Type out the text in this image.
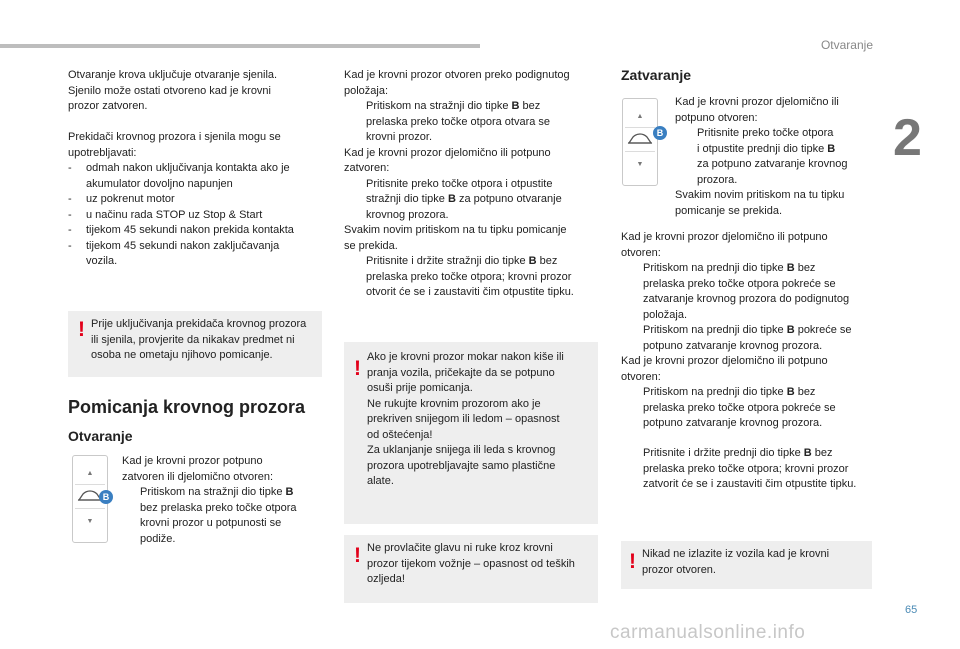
Otvaranje
2
65
carmanualsonline.info

Otvaranje krova uključuje otvaranje sjenila.

Sjenilo može ostati otvoreno kad je krovni

prozor zatvoren.

Prekidači krovnog prozora i sjenila mogu se

upotrebljavati:

- odmah nakon uključivanja kontakta ako je
akumulator dovoljno napunjen
- uz pokrenut motor
- u načinu rada STOP uz Stop & Start
- tijekom 45 sekundi nakon prekida kontakta
- tijekom 45 sekundi nakon zaključavanja
vozila.
! Prije uključivanja prekidača krovnog prozora

ili sjenila, provjerite da nikakav predmet ni

osoba ne ometaju njihovo pomicanje.

Pomicanja krovnog prozora
Otvaranje
▲
▼
B

Kad je krovni prozor potpuno

zatvoren ili djelomično otvoren:

Pritiskom na stražnji dio tipke B
bez prelaska preko točke otpora
krovni prozor u potpunosti se
podiže.
Kad je krovni prozor otvoren preko podignutog
položaja:
Pritiskom na stražnji dio tipke B bez
prelaska preko točke otpora otvara se
krovni prozor.
Kad je krovni prozor djelomično ili potpuno
zatvoren:
Pritisnite preko točke otpora i otpustite
stražnji dio tipke B za potpuno otvaranje
krovnog prozora.
Svakim novim pritiskom na tu tipku pomicanje
se prekida.
Pritisnite i držite stražnji dio tipke B bez
prelaska preko točke otpora; krovni prozor
otvorit će se i zaustaviti čim otpustite tipku.
! Ako je krovni prozor mokar nakon kiše ili

pranja vozila, pričekajte da se potpuno

osuši prije pomicanja.

Ne rukujte krovnim prozorom ako je

prekriven snijegom ili ledom – opasnost

od oštećenja!

Za uklanjanje snijega ili leda s krovnog

prozora upotrebljavajte samo plastične

alate.

! Ne provlačite glavu ni ruke kroz krovni

prozor tijekom vožnje – opasnost od teških

ozljeda!

Zatvaranje
▲
▼
B
Kad je krovni prozor djelomično ili
potpuno otvoren:
Pritisnite preko točke otpora
i otpustite prednji dio tipke B
za potpuno zatvaranje krovnog
prozora.
Svakim novim pritiskom na tu tipku
pomicanje se prekida.
Kad je krovni prozor djelomično ili potpuno
otvoren:
Pritiskom na prednji dio tipke B bez
prelaska preko točke otpora pokreće se
zatvaranje krovnog prozora do podignutog
položaja.
Pritiskom na prednji dio tipke B pokreće se
potpuno zatvaranje krovnog prozora.
Kad je krovni prozor djelomično ili potpuno
otvoren:
Pritiskom na prednji dio tipke B bez
prelaska preko točke otpora pokreće se
potpuno zatvaranje krovnog prozora.
Pritisnite i držite prednji dio tipke B bez
prelaska preko točke otpora; krovni prozor
zatvorit će se i zaustaviti čim otpustite tipku.
! Nikad ne izlazite iz vozila kad je krovni

prozor otvoren.
